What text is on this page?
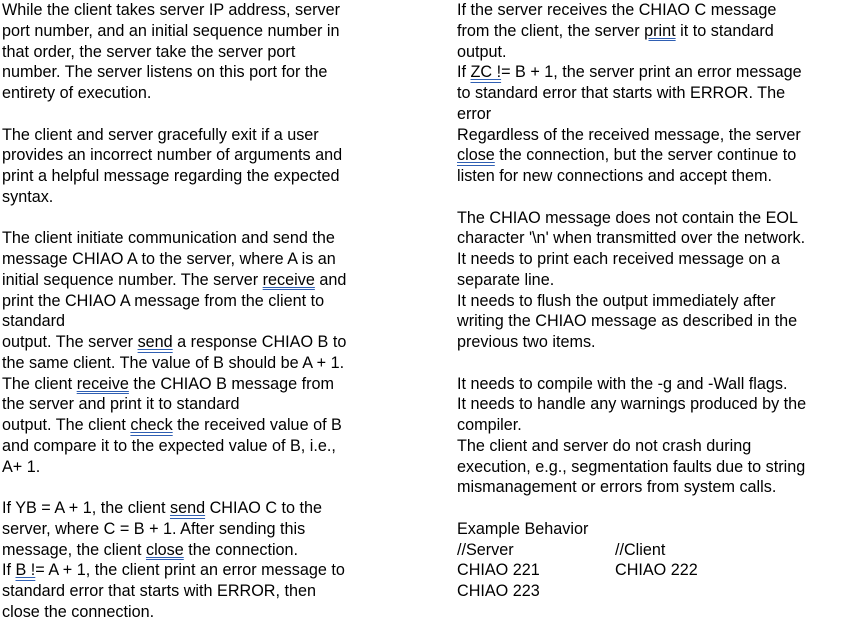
While the client takes server IP address, server
port number, and an initial sequence number in
that order, the server take the server port
number. The server listens on this port for the
entirety of execution.
The client and server gracefully exit if a user
provides an incorrect number of arguments and
print a helpful message regarding the expected
syntax.
The client initiate communication and send the
message CHIAO A to the server, where A is an
initial sequence number. The server receive and
print the CHIAO A message from the client to
standard
output. The server send a response CHIAO B to
the same client. The value of B should be A + 1.
The client receive the CHIAO B message from
the server and print it to standard
output. The client check the received value of B
and compare it to the expected value of B, i.e.,
A+ 1.
If YB = A + 1, the client send CHIAO C to the
server, where C = B + 1. After sending this
message, the client close the connection.
If B != A + 1, the client print an error message to
standard error that starts with ERROR, then
close the connection.
If the server receives the CHIAO C message
from the client, the server print it to standard
output.
If ZC != B + 1, the server print an error message
to standard error that starts with ERROR. The
error
Regardless of the received message, the server
close the connection, but the server continue to
listen for new connections and accept them.
The CHIAO message does not contain the EOL
character '\n' when transmitted over the network.
It needs to print each received message on a
separate line.
It needs to flush the output immediately after
writing the CHIAO message as described in the
previous two items.
It needs to compile with the -g and -Wall flags.
It needs to handle any warnings produced by the
compiler.
The client and server do not crash during
execution, e.g., segmentation faults due to string
mismanagement or errors from system calls.
Example Behavior
//Server	//Client
CHIAO 221	CHIAO 222
CHIAO 223
